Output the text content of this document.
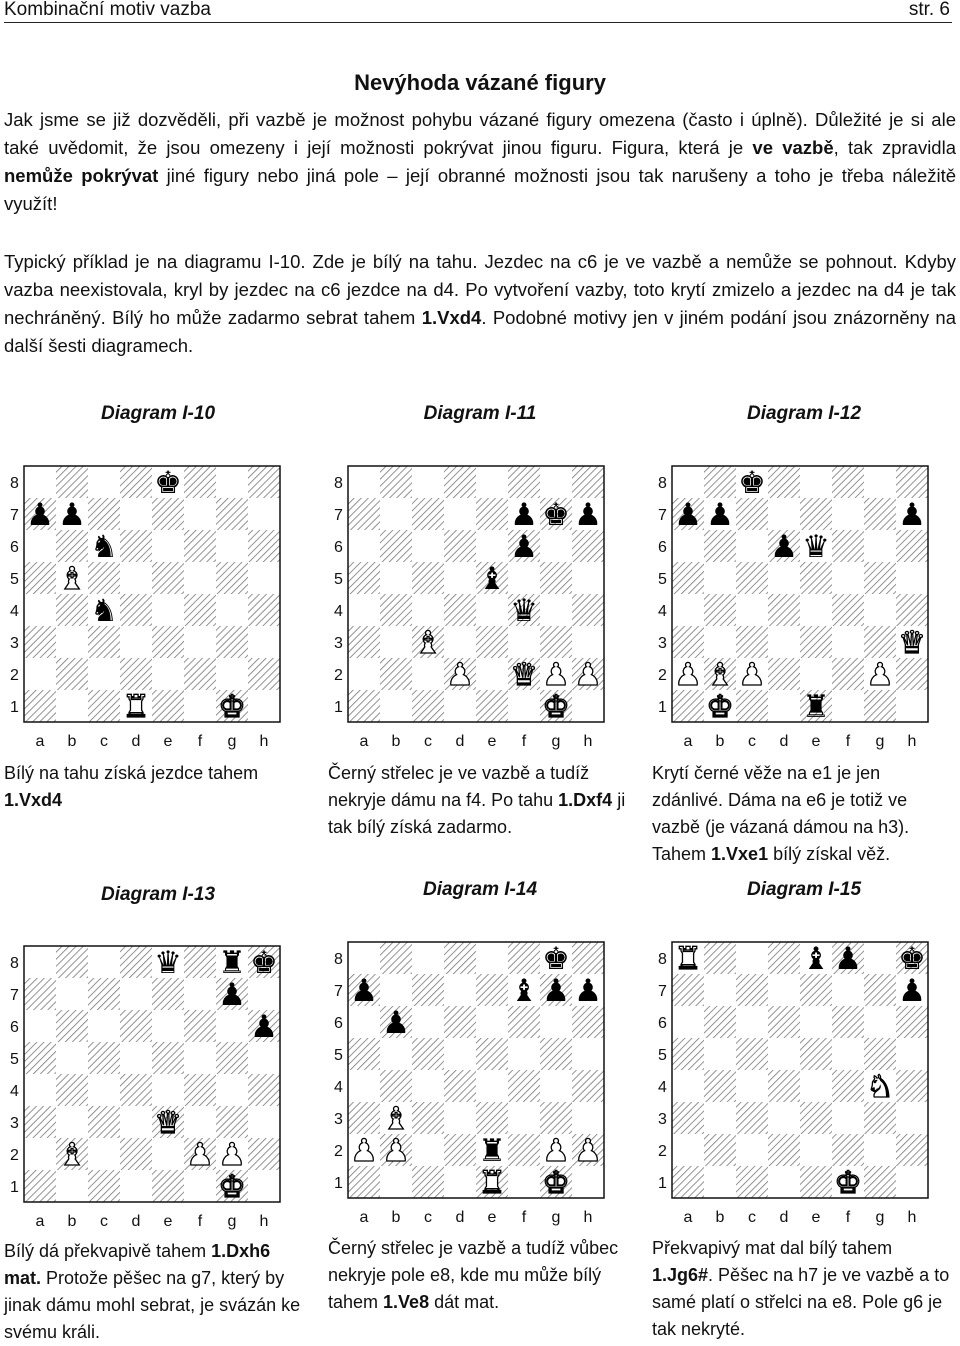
Kombinační motiv vazba	str. 6
Nevýhoda vázané figury

Jak jsme se již dozvěděli, při vazbě je možnost pohybu vázané figury omezena (často i úplně). Důležité je si ale také uvědomit, že jsou omezeny i její možnosti pokrývat jinou figuru. Figura, která je ve vazbě, tak zpravidla nemůže pokrývat jiné figury nebo jiná pole – její obranné možnosti jsou tak narušeny a toho je třeba náležitě využít!

Typický příklad je na diagramu I-10. Zde je bílý na tahu. Jezdec na c6 je ve vazbě a nemůže se pohnout. Kdyby vazba neexistovala, kryl by jezdec na c6 jezdce na d4. Po vytvoření vazby, toto krytí zmizelo a jezdec na d4 je tak nechráněný. Bílý ho může zadarmo sebrat tahem 1.Vxd4. Podobné motivy jen v jiném podání jsou znázorněny na další šesti diagramech.

Diagram I-10	Diagram I-11	Diagram I-12
8
7
6
5
4
3
2
1
a b c d e f g h
♚
♟ ♟
♞
♝
♞
♜ ♚
8
7
6
5
4
3
2
1
a b c d e f g h
♟ ♚ ♟
♟
♝
♛
♝
♟ ♛ ♟ ♟
♚
8
7
6
5
4
3
2
1
a b c d e f g h
♚
♟ ♟	♟
♟ ♛
♛
♟ ♝ ♟	♟
♚ ♜

Bílý na tahu získá jezdce tahem 1.Vxd4

Černý střelec je ve vazbě a tudíž nekryje dámu na f4. Po tahu 1.Dxf4 ji tak bílý získá zadarmo.

Krytí černé věže na e1 je jen zdánlivé. Dáma na e6 je totiž ve vazbě (je vázaná dámou na h3). Tahem 1.Vxe1 bílý získal věž.

Diagram I-13	Diagram I-14	Diagram I-15
8
7
6
5
4
3
2
1
a b c d e f g h
♛ ♜ ♚
♟
♟
♛
♝	♟ ♟
♚
8
7
6
5
4
3
2
1
a b c d e f g h
♚
♟	♝ ♟ ♟
♟
♝
♟ ♟ ♜ ♟ ♟
♜ ♚
8
7
6
5
4
3
2
1
a b c d e f g h
♜	♝ ♟ ♚
♟
♞
♚

Bílý dá překvapivě tahem 1.Dxh6 mat. Protože pěšec na g7, který by jinak dámu mohl sebrat, je svázán ke svému králi.

Černý střelec je vazbě a tudíž vůbec nekryje pole e8, kde mu může bílý tahem 1.Ve8 dát mat.

Překvapivý mat dal bílý tahem 1.Jg6#. Pěšec na h7 je ve vazbě a to samé platí o střelci na e8. Pole g6 je tak nekryté.
